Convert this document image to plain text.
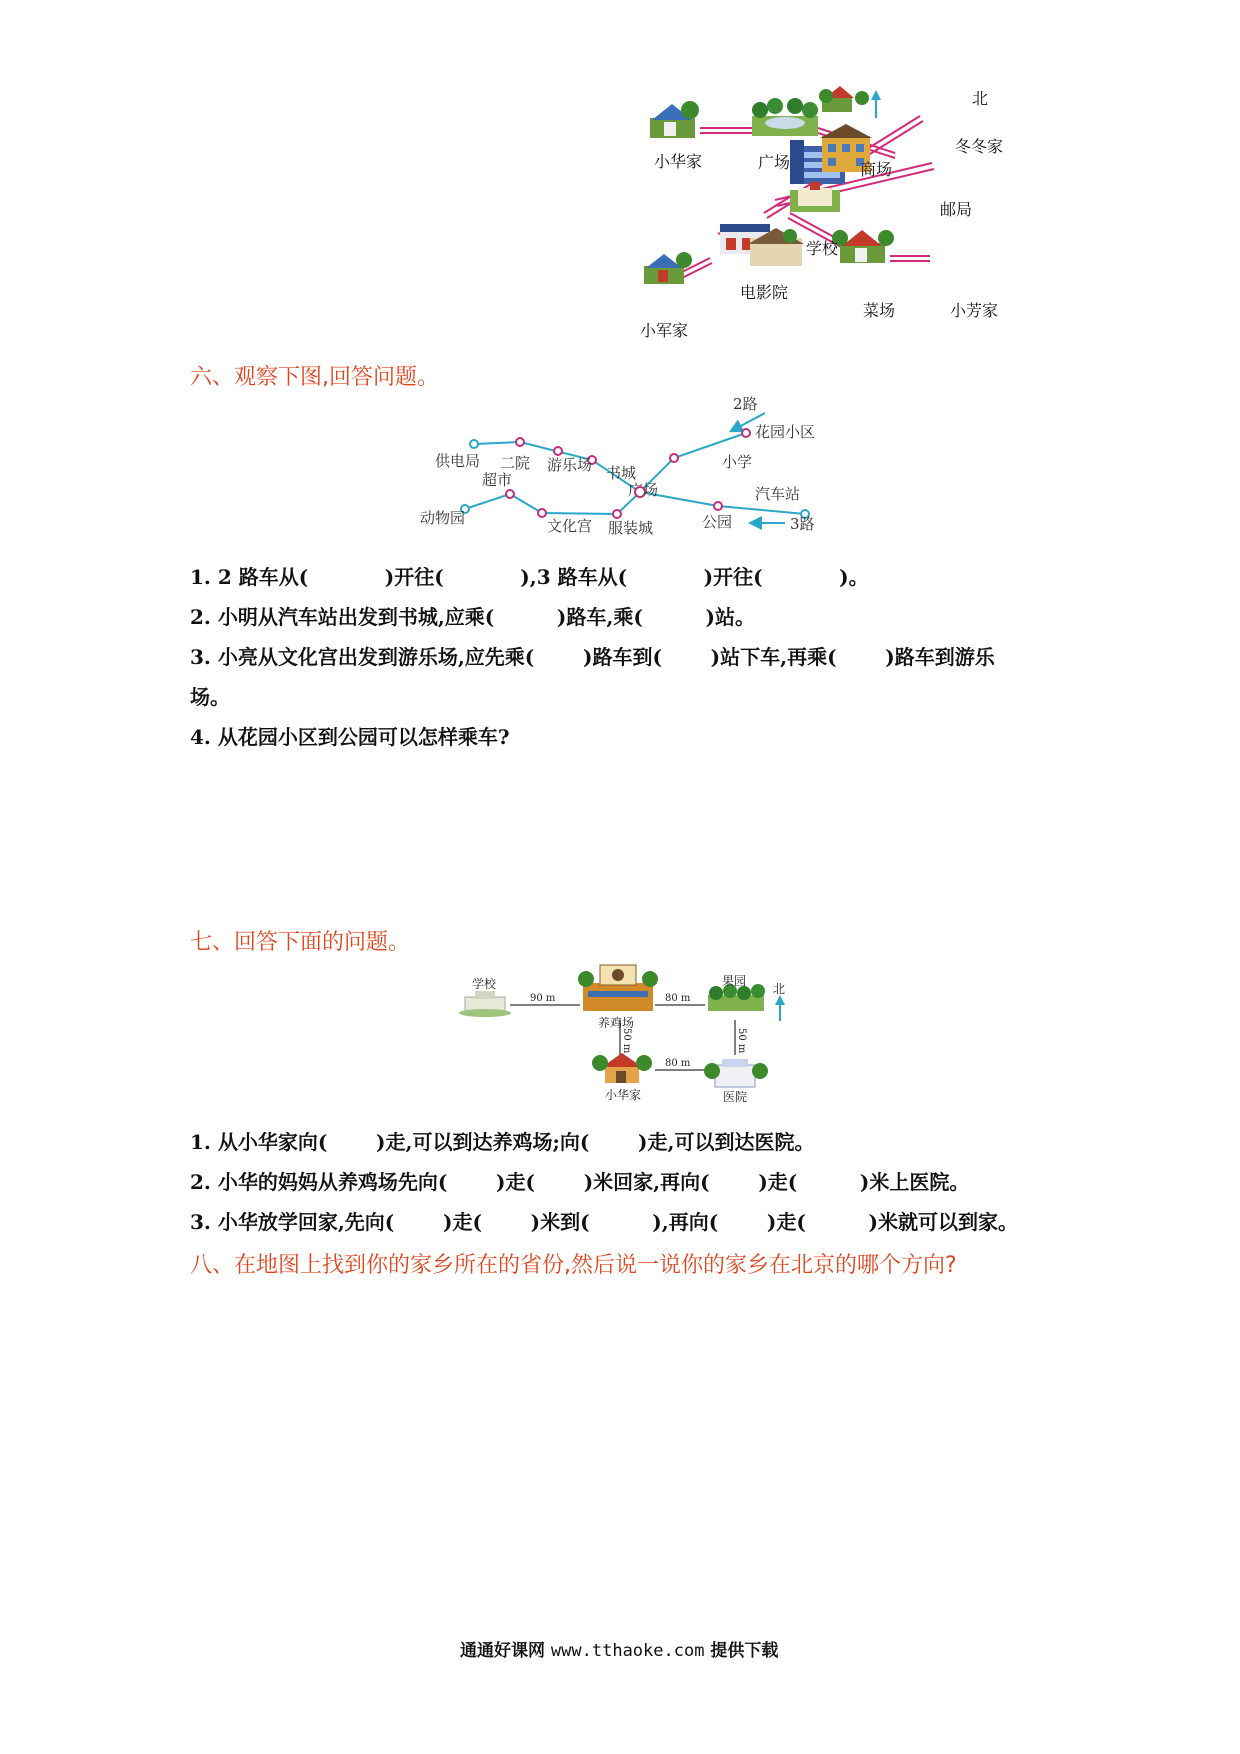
小华家	广场	商场
北
冬冬家
邮局
学校
电影院
小军家
菜场	小芳家
六、观察下图,回答问题。
2路
花园小区
小学
汽车站
3路
公园
广场
服装城
文化宫
书城
游乐场
二院
超市
供电局
动物园
1. 2 路车从(           )开往(           ),3 路车从(           )开往(           )。
2. 小明从汽车站出发到书城,应乘(         )路车,乘(         )站。
3. 小亮从文化宫出发到游乐场,应先乘(       )路车到(       )站下车,再乘(       )路车到游乐
场。
4. 从花园小区到公园可以怎样乘车?
七、回答下面的问题。
学校
养鸡场
果园
北
小华家	医院
90 m	80 m
80 m
50 m	50 m
1. 从小华家向(       )走,可以到达养鸡场;向(       )走,可以到达医院。
2. 小华的妈妈从养鸡场先向(       )走(       )米回家,再向(       )走(         )米上医院。
3. 小华放学回家,先向(       )走(       )米到(         ),再向(       )走(         )米就可以到家。
八、在地图上找到你的家乡所在的省份,然后说一说你的家乡在北京的哪个方向?
通通好课网 www.tthaoke.com 提供下载
